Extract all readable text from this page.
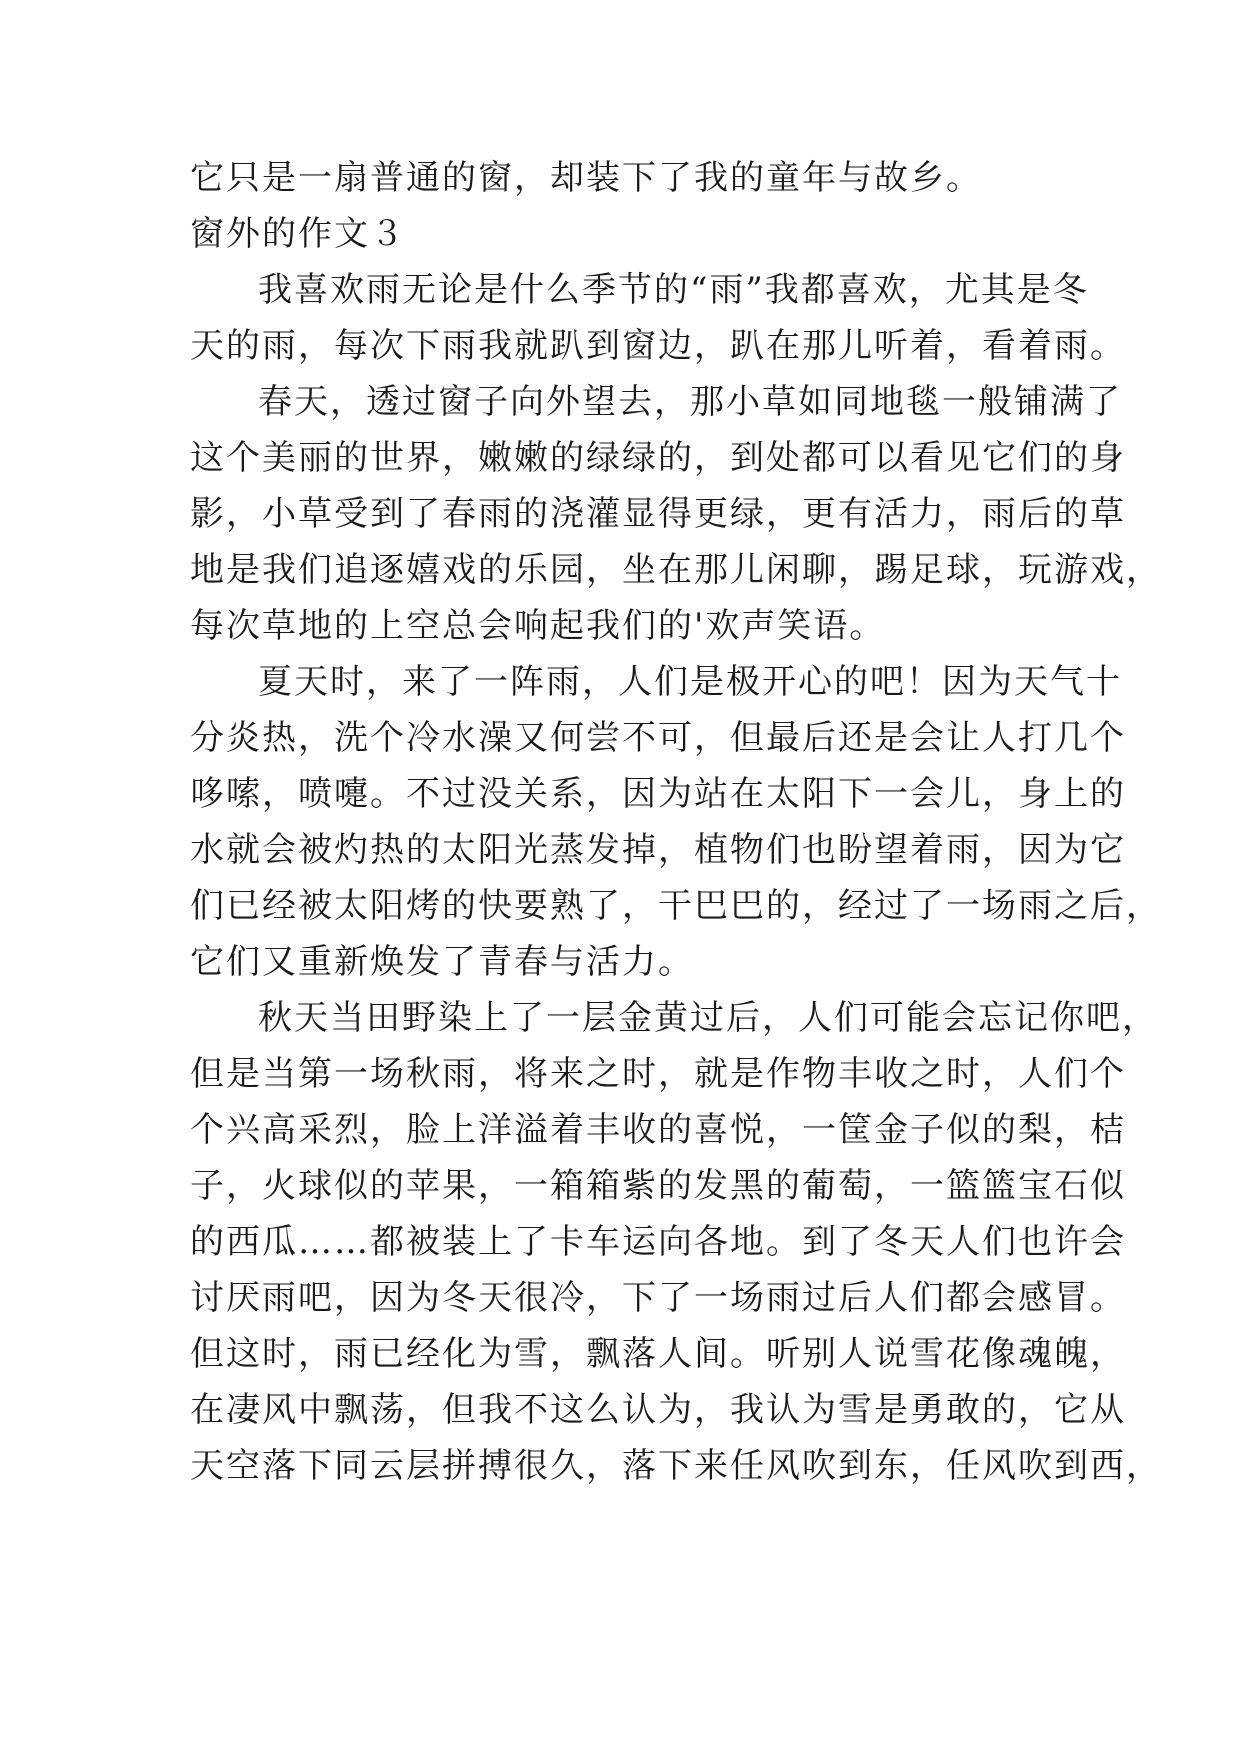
它只是一扇普通的窗，却装下了我的童年与故乡。
窗外的作文３
我喜欢雨无论是什么季节的“雨”我都喜欢，尤其是冬
天的雨，每次下雨我就趴到窗边，趴在那儿听着，看着雨。
春天，透过窗子向外望去，那小草如同地毯一般铺满了
这个美丽的世界，嫩嫩的绿绿的，到处都可以看见它们的身
影，小草受到了春雨的浇灌显得更绿，更有活力，雨后的草
地是我们追逐嬉戏的乐园，坐在那儿闲聊，踢足球，玩游戏，
每次草地的上空总会响起我们的'欢声笑语。
夏天时，来了一阵雨，人们是极开心的吧！因为天气十
分炎热，洗个冷水澡又何尝不可，但最后还是会让人打几个
哆嗦，喷嚏。不过没关系，因为站在太阳下一会儿，身上的
水就会被灼热的太阳光蒸发掉，植物们也盼望着雨，因为它
们已经被太阳烤的快要熟了，干巴巴的，经过了一场雨之后，
它们又重新焕发了青春与活力。
秋天当田野染上了一层金黄过后，人们可能会忘记你吧，
但是当第一场秋雨，将来之时，就是作物丰收之时，人们个
个兴高采烈，脸上洋溢着丰收的喜悦，一筐金子似的梨，桔
子，火球似的苹果，一箱箱紫的发黑的葡萄，一篮篮宝石似
的西瓜……都被装上了卡车运向各地。到了冬天人们也许会
讨厌雨吧，因为冬天很冷，下了一场雨过后人们都会感冒。
但这时，雨已经化为雪，飘落人间。听别人说雪花像魂魄，
在凄风中飘荡，但我不这么认为，我认为雪是勇敢的，它从
天空落下同云层拼搏很久，落下来任风吹到东，任风吹到西，
